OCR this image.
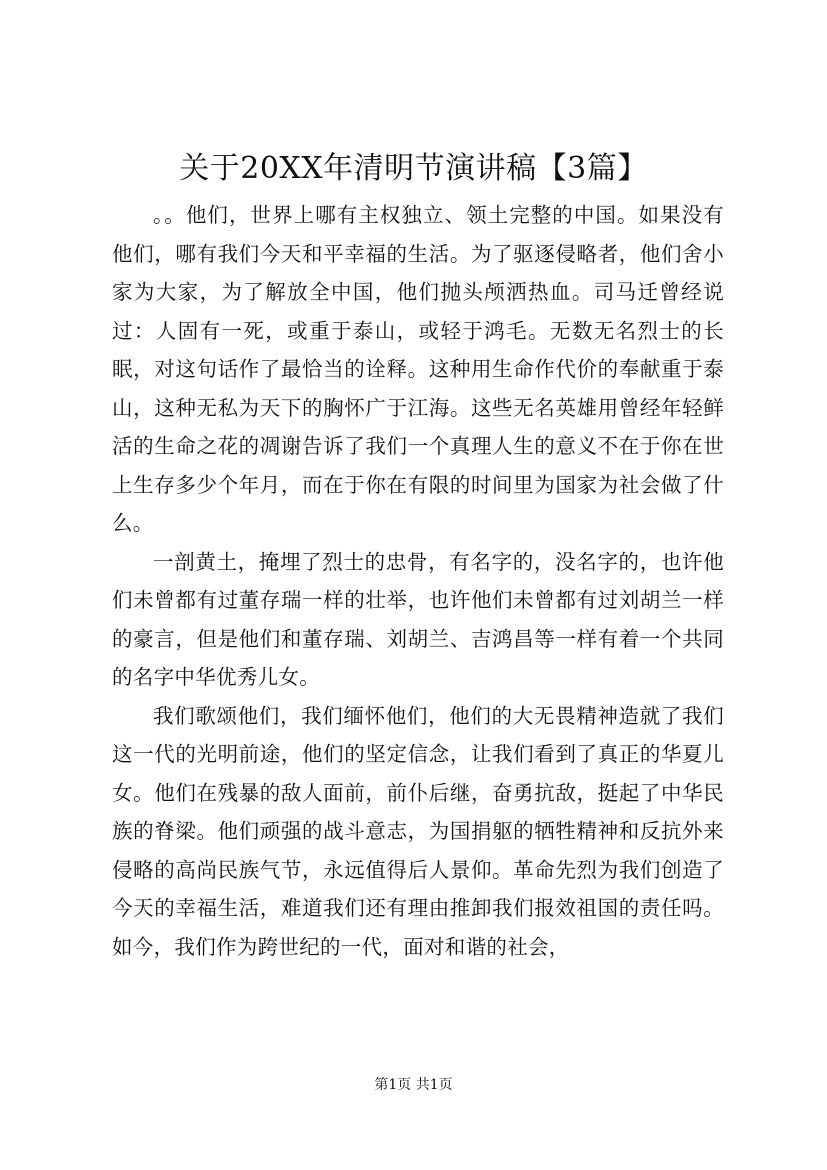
关于20XX年清明节演讲稿【3篇】

。。他们，世界上哪有主权独立、领土完整的中国。如果没有他们，哪有我们今天和平幸福的生活。为了驱逐侵略者，他们舍小家为大家，为了解放全中国，他们抛头颅洒热血。司马迁曾经说过：人固有一死，或重于泰山，或轻于鸿毛。无数无名烈士的长眠，对这句话作了最恰当的诠释。这种用生命作代价的奉献重于泰山，这种无私为天下的胸怀广于江海。这些无名英雄用曾经年轻鲜活的生命之花的凋谢告诉了我们一个真理人生的意义不在于你在世上生存多少个年月，而在于你在有限的时间里为国家为社会做了什么。

一剖黄土，掩埋了烈士的忠骨，有名字的，没名字的，也许他们未曾都有过董存瑞一样的壮举，也许他们未曾都有过刘胡兰一样的豪言，但是他们和董存瑞、刘胡兰、吉鸿昌等一样有着一个共同的名字中华优秀儿女。

我们歌颂他们，我们缅怀他们，他们的大无畏精神造就了我们这一代的光明前途，他们的坚定信念，让我们看到了真正的华夏儿女。他们在残暴的敌人面前，前仆后继，奋勇抗敌，挺起了中华民族的脊梁。他们顽强的战斗意志，为国捐躯的牺牲精神和反抗外来侵略的高尚民族气节，永远值得后人景仰。革命先烈为我们创造了今天的幸福生活，难道我们还有理由推卸我们报效祖国的责任吗。如今，我们作为跨世纪的一代，面对和谐的社会，

第1页 共1页
